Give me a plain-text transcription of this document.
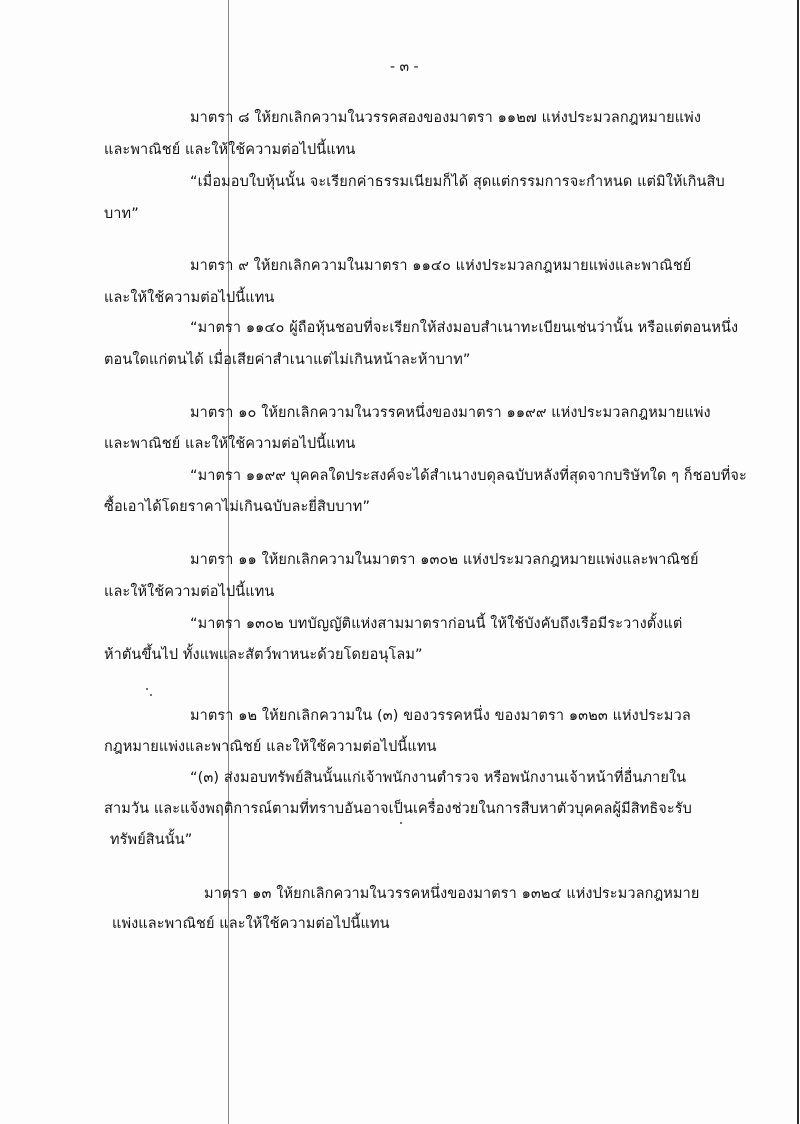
- ๓ -
มาตรา ๘ ให้ยกเลิกความในวรรคสองของมาตรา ๑๑๒๗ แห่งประมวลกฎหมายแพ่ง
และพาณิชย์ และให้ใช้ความต่อไปนี้แทน
“เมื่อมอบใบหุ้นนั้น จะเรียกค่าธรรมเนียมก็ได้ สุดแต่กรรมการจะกำหนด แต่มิให้เกินสิบ
บาท”
มาตรา ๙ ให้ยกเลิกความในมาตรา ๑๑๔๐ แห่งประมวลกฎหมายแพ่งและพาณิชย์
และให้ใช้ความต่อไปนี้แทน
“มาตรา ๑๑๔๐ ผู้ถือหุ้นชอบที่จะเรียกให้ส่งมอบสำเนาทะเบียนเช่นว่านั้น หรือแต่ตอนหนึ่ง
ตอนใดแก่ตนได้ เมื่อเสียค่าสำเนาแต่ไม่เกินหน้าละห้าบาท”
มาตรา ๑๐ ให้ยกเลิกความในวรรคหนึ่งของมาตรา ๑๑๙๙ แห่งประมวลกฎหมายแพ่ง
และพาณิชย์ และให้ใช้ความต่อไปนี้แทน
“มาตรา ๑๑๙๙ บุคคลใดประสงค์จะได้สำเนางบดุลฉบับหลังที่สุดจากบริษัทใด ๆ ก็ชอบที่จะ
ซื้อเอาได้โดยราคาไม่เกินฉบับละยี่สิบบาท”
มาตรา ๑๑ ให้ยกเลิกความในมาตรา ๑๓๐๒ แห่งประมวลกฎหมายแพ่งและพาณิชย์
และให้ใช้ความต่อไปนี้แทน
“มาตรา ๑๓๐๒ บทบัญญัติแห่งสามมาตราก่อนนี้ ให้ใช้บังคับถึงเรือมีระวางตั้งแต่
ห้าตันขึ้นไป ทั้งแพและสัตว์พาหนะด้วยโดยอนุโลม”
มาตรา ๑๒ ให้ยกเลิกความใน (๓) ของวรรคหนึ่ง ของมาตรา ๑๓๒๓ แห่งประมวล
กฎหมายแพ่งและพาณิชย์ และให้ใช้ความต่อไปนี้แทน
“(๓) ส่งมอบทรัพย์สินนั้นแก่เจ้าพนักงานตำรวจ หรือพนักงานเจ้าหน้าที่อื่นภายใน
สามวัน และแจ้งพฤติการณ์ตามที่ทราบอันอาจเป็นเครื่องช่วยในการสืบหาตัวบุคคลผู้มีสิทธิจะรับ
ทรัพย์สินนั้น”
มาตรา ๑๓ ให้ยกเลิกความในวรรคหนึ่งของมาตรา ๑๓๒๔ แห่งประมวลกฎหมาย
แพ่งและพาณิชย์ และให้ใช้ความต่อไปนี้แทน
